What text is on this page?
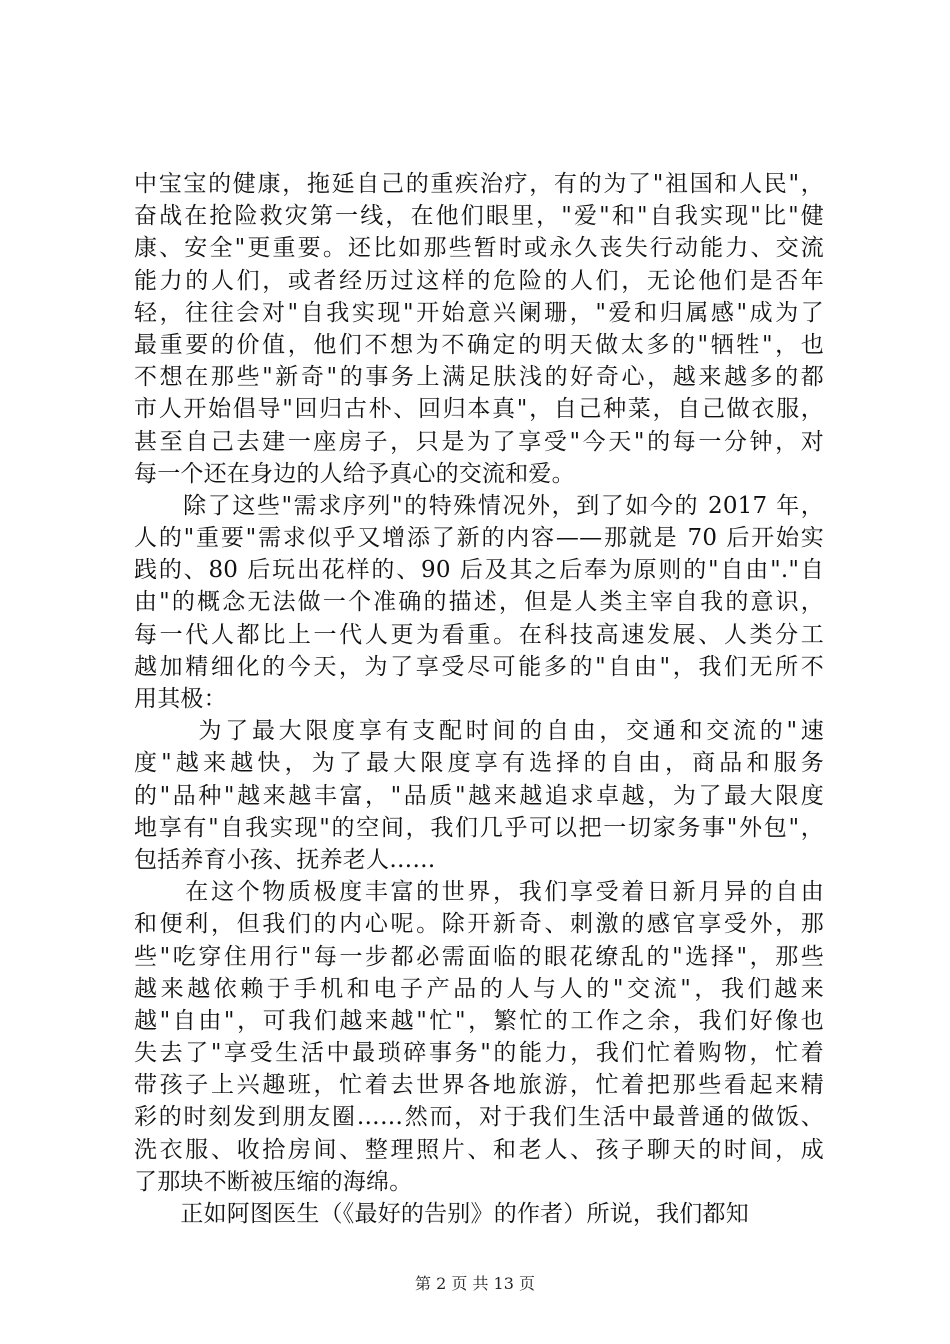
中宝宝的健康，拖延自己的重疾治疗，有的为了"祖国和人民"，
奋战在抢险救灾第一线，在他们眼里，"爱"和"自我实现"比"健
康、安全"更重要。还比如那些暂时或永久丧失行动能力、交流
能力的人们，或者经历过这样的危险的人们，无论他们是否年
轻，往往会对"自我实现"开始意兴阑珊，"爱和归属感"成为了
最重要的价值，他们不想为不确定的明天做太多的"牺牲"，也
不想在那些"新奇"的事务上满足肤浅的好奇心，越来越多的都
市人开始倡导"回归古朴、回归本真"，自己种菜，自己做衣服，
甚至自己去建一座房子，只是为了享受"今天"的每一分钟，对
每一个还在身边的人给予真心的交流和爱。
　　除了这些"需求序列"的特殊情况外，到了如今的 2017 年，
人的"重要"需求似乎又增添了新的内容——那就是 70 后开始实
践的、80 后玩出花样的、90 后及其之后奉为原则的"自由"."自
由"的概念无法做一个准确的描述，但是人类主宰自我的意识，
每一代人都比上一代人更为看重。在科技高速发展、人类分工
越加精细化的今天，为了享受尽可能多的"自由"，我们无所不
用其极：
　　 为了最大限度享有支配时间的自由，交通和交流的"速
度"越来越快，为了最大限度享有选择的自由，商品和服务
的"品种"越来越丰富，"品质"越来越追求卓越，为了最大限度
地享有"自我实现"的空间，我们几乎可以把一切家务事"外包"，
包括养育小孩、抚养老人……
　　在这个物质极度丰富的世界，我们享受着日新月异的自由
和便利，但我们的内心呢。除开新奇、刺激的感官享受外，那
些"吃穿住用行"每一步都必需面临的眼花缭乱的"选择"，那些
越来越依赖于手机和电子产品的人与人的"交流"，我们越来
越"自由"，可我们越来越"忙"，繁忙的工作之余，我们好像也
失去了"享受生活中最琐碎事务"的能力，我们忙着购物，忙着
带孩子上兴趣班，忙着去世界各地旅游，忙着把那些看起来精
彩的时刻发到朋友圈……然而，对于我们生活中最普通的做饭、
洗衣服、收拾房间、整理照片、和老人、孩子聊天的时间，成
了那块不断被压缩的海绵。
　　正如阿图医生（《最好的告别》的作者）所说，我们都知
第 2 页 共 13 页
